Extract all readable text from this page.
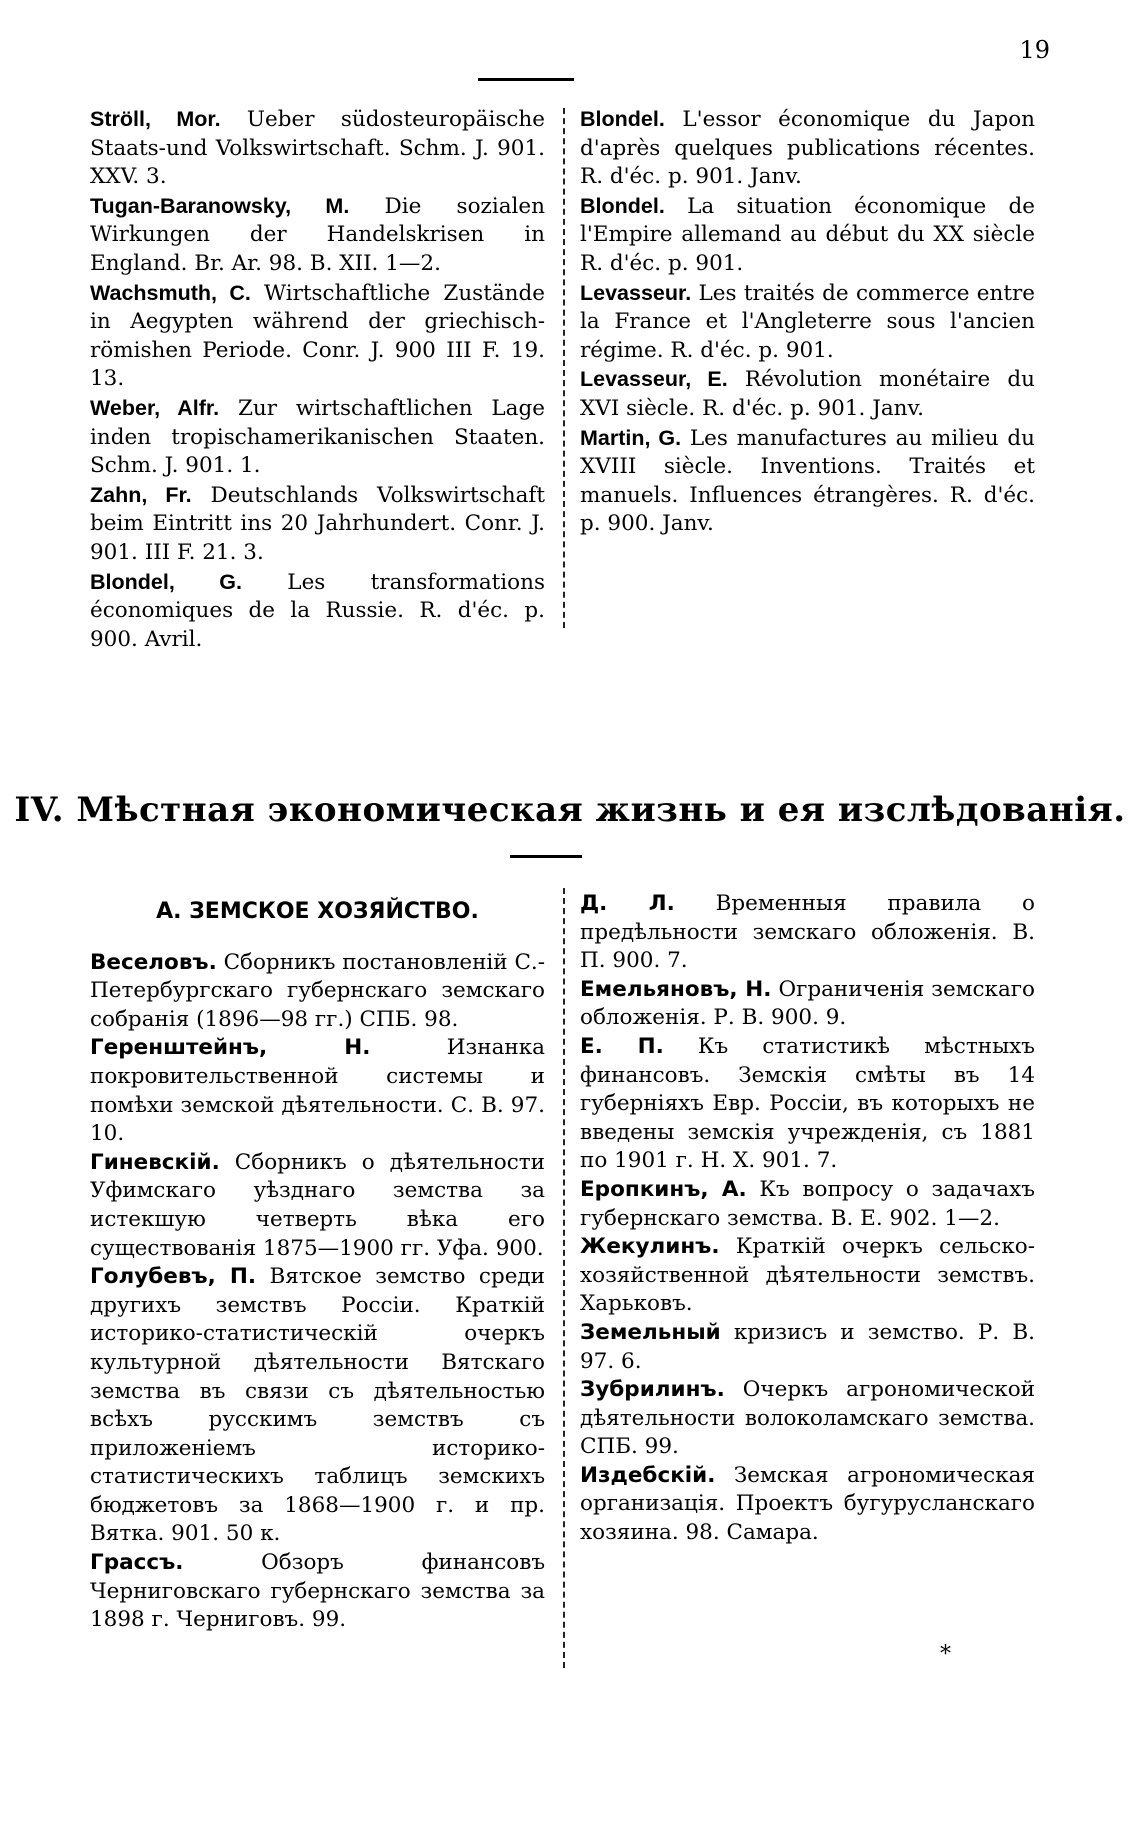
19

Ströll, Mor. Ueber südosteuropäische Staats-und Volkswirtschaft. Schm. J. 901. XXV. 3.

Tugan-Baranowsky, M. Die sozialen Wirkungen der Handelskrisen in England. Br. Ar. 98. B. XII. 1—2.

Wachsmuth, C. Wirtschaftliche Zustände in Aegypten während der griechisch-römishen Periode. Conr. J. 900 III F. 19. 13.

Weber, Alfr. Zur wirtschaftlichen Lage inden tropischamerikanischen Staaten. Schm. J. 901. 1.

Zahn, Fr. Deutschlands Volkswirtschaft beim Eintritt ins 20 Jahrhundert. Conr. J. 901. III F. 21. 3.

Blondel, G. Les transformations économiques de la Russie. R. d'éc. p. 900. Avril.

Blondel. L'essor économique du Japon d'après quelques publications récentes. R. d'éc. p. 901. Janv.

Blondel. La situation économique de l'Empire allemand au début du XX siècle R. d'éc. p. 901.

Levasseur. Les traités de commerce entre la France et l'Angleterre sous l'ancien régime. R. d'éc. p. 901.

Levasseur, E. Révolution monétaire du XVI siècle. R. d'éc. p. 901. Janv.

Martin, G. Les manufactures au milieu du XVIII siècle. Inventions. Traités et manuels. Influences étrangères. R. d'éc. p. 900. Janv.

IV. Мѣстная экономическая жизнь и ея изслѣдованія.
А. ЗЕМСКОЕ ХОЗЯЙСТВО.

Веселовъ. Сборникъ постановленій С.-Петербургскаго губернскаго земскаго собранія (1896—98 гг.) СПБ. 98.

Геренштейнъ, Н.	Изнанка покровительственной системы и помѣхи земской дѣятельности. С. В. 97. 10.

Гиневскій. Сборникъ о дѣятельности Уфимскаго уѣзднаго земства за истекшую четверть вѣка его существованія 1875—1900 гг. Уфа. 900.

Голубевъ, П. Вятское земство среди другихъ земствъ Россіи. Краткій историко-статистическій очеркъ культурной дѣятельности Вятскаго земства въ связи съ дѣятельностью всѣхъ русскимъ земствъ съ приложеніемъ историко-статистическихъ таблицъ земскихъ бюджетовъ за 1868—1900 г. и пр. Вятка. 901. 50 к.

Грассъ.	Обзоръ финансовъ Черниговскаго губернскаго земства за 1898 г. Черниговъ. 99.

Д. Л. Временныя правила о предѣльности земскаго обложенія. В. П. 900. 7.

Емельяновъ, Н. Ограниченія земскаго обложенія. Р. В. 900. 9.

Е. П. Къ статистикѣ мѣстныхъ финансовъ. Земскія смѣты въ 14 губерніяхъ Евр. Россіи, въ которыхъ не введены земскія учрежденія, съ 1881 по 1901 г. Н. Х. 901. 7.

Еропкинъ, А. Къ вопросу о задачахъ губернскаго земства. В. Е. 902. 1—2.

Жекулинъ. Краткій очеркъ сельско-хозяйственной дѣятельности земствъ. Харьковъ.

Земельный кризисъ и земство. Р. В. 97. 6.

Зубрилинъ. Очеркъ агрономической дѣятельности волоколамскаго земства. СПБ. 99.

Издебскій. Земская агрономическая организація. Проектъ бугурусланскаго хозяина. 98. Самара.

*
